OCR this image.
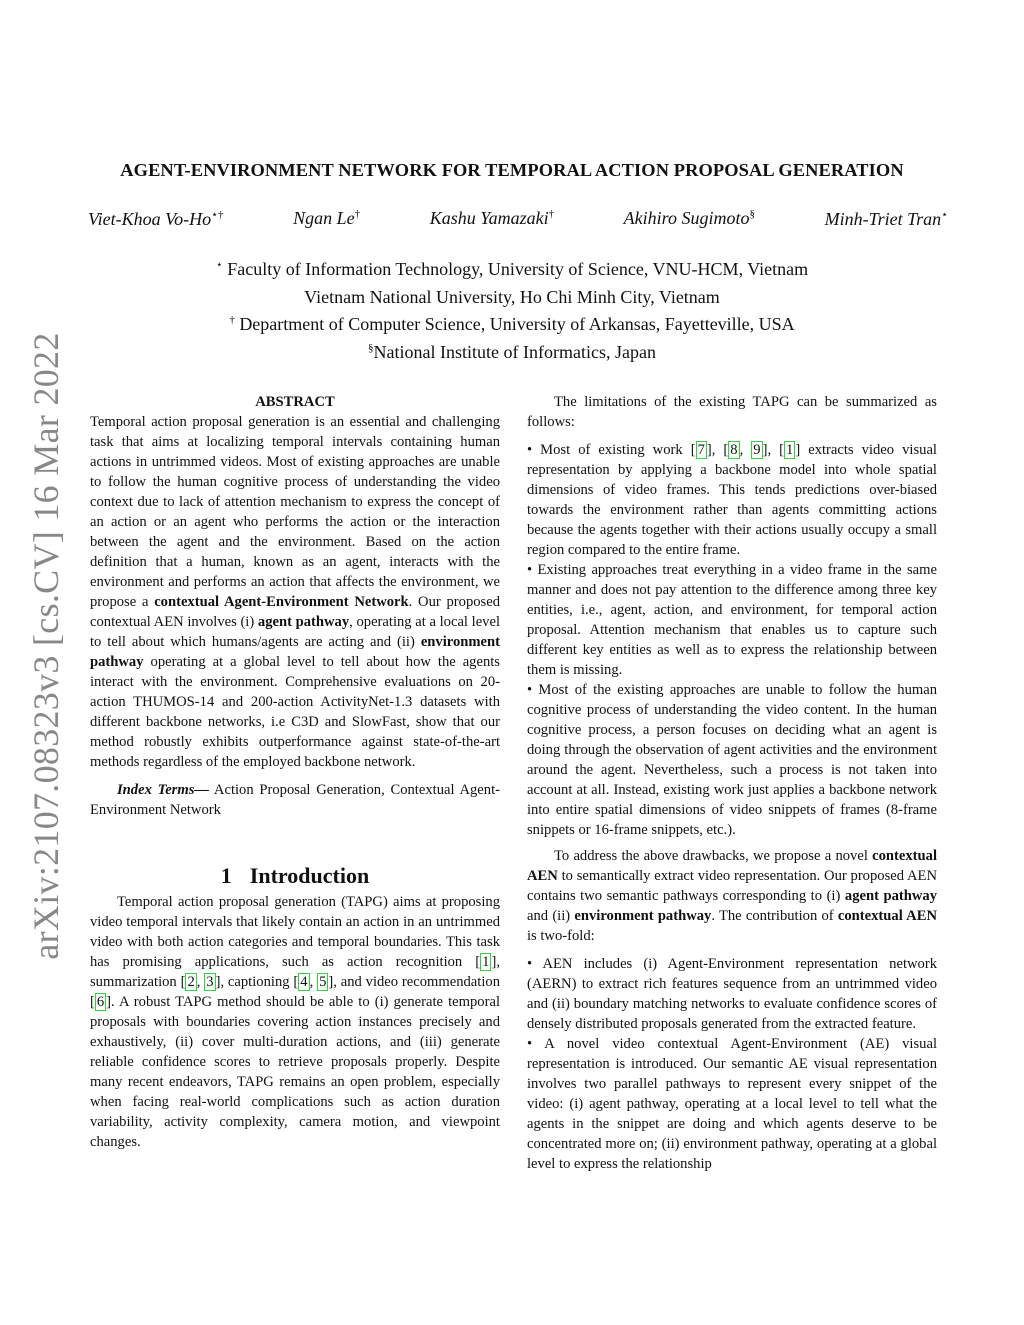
arXiv:2107.08323v3 [cs.CV] 16 Mar 2022
AGENT-ENVIRONMENT NETWORK FOR TEMPORAL ACTION PROPOSAL GENERATION
Viet-Khoa Vo-Ho⋆†	Ngan Le†	Kashu Yamazaki†	Akihiro Sugimoto§	Minh-Triet Tran⋆
⋆ Faculty of Information Technology, University of Science, VNU-HCM, Vietnam
Vietnam National University, Ho Chi Minh City, Vietnam
† Department of Computer Science, University of Arkansas, Fayetteville, USA
§National Institute of Informatics, Japan

ABSTRACT

Temporal action proposal generation is an essential and challenging task that aims at localizing temporal intervals containing human actions in untrimmed videos. Most of existing approaches are unable to follow the human cognitive process of understanding the video context due to lack of attention mechanism to express the concept of an action or an agent who performs the action or the interaction between the agent and the environment. Based on the action definition that a human, known as an agent, interacts with the environment and performs an action that affects the environment, we propose a contextual Agent-Environment Network. Our proposed contextual AEN involves (i) agent pathway, operating at a local level to tell about which humans/agents are acting and (ii) environment pathway operating at a global level to tell about how the agents interact with the environment. Comprehensive evaluations on 20-action THUMOS-14 and 200-action ActivityNet-1.3 datasets with different backbone networks, i.e C3D and SlowFast, show that our method robustly exhibits outperformance against state-of-the-art methods regardless of the employed backbone network.

Index Terms— Action Proposal Generation, Contextual Agent-Environment Network

1 Introduction

Temporal action proposal generation (TAPG) aims at proposing video temporal intervals that likely contain an action in an untrimmed video with both action categories and temporal boundaries. This task has promising applications, such as action recognition [ 1 ], summarization [ 2 , 3 ], captioning [ 4 , 5 ], and video recommendation [ 6 ]. A robust TAPG method should be able to (i) generate temporal proposals with boundaries covering action instances precisely and exhaustively, (ii) cover multi-duration actions, and (iii) generate reliable confidence scores to retrieve proposals properly. Despite many recent endeavors, TAPG remains an open problem, especially when facing real-world complications such as action duration variability, activity complexity, camera motion, and viewpoint changes.

The limitations of the existing TAPG can be summarized as follows:

• Most of existing work [ 7 ], [ 8 , 9 ], [ 1 ] extracts video visual representation by applying a backbone model into whole spatial dimensions of video frames. This tends predictions over-biased towards the environment rather than agents committing actions because the agents together with their actions usually occupy a small region compared to the entire frame.

• Existing approaches treat everything in a video frame in the same manner and does not pay attention to the difference among three key entities, i.e., agent, action, and environment, for temporal action proposal. Attention mechanism that enables us to capture such different key entities as well as to express the relationship between them is missing.

• Most of the existing approaches are unable to follow the human cognitive process of understanding the video content. In the human cognitive process, a person focuses on deciding what an agent is doing through the observation of agent activities and the environment around the agent. Nevertheless, such a process is not taken into account at all. Instead, existing work just applies a backbone network into entire spatial dimensions of video snippets of frames (8-frame snippets or 16-frame snippets, etc.).

To address the above drawbacks, we propose a novel contextual AEN to semantically extract video representation. Our proposed AEN contains two semantic pathways corresponding to (i) agent pathway and (ii) environment pathway. The contribution of contextual AEN is two-fold:

• AEN includes (i) Agent-Environment representation network (AERN) to extract rich features sequence from an untrimmed video and (ii) boundary matching networks to evaluate confidence scores of densely distributed proposals generated from the extracted feature.

• A novel video contextual Agent-Environment (AE) visual representation is introduced. Our semantic AE visual representation involves two parallel pathways to represent every snippet of the video: (i) agent pathway, operating at a local level to tell what the agents in the snippet are doing and which agents deserve to be concentrated more on; (ii) environment pathway, operating at a global level to express the relationship
